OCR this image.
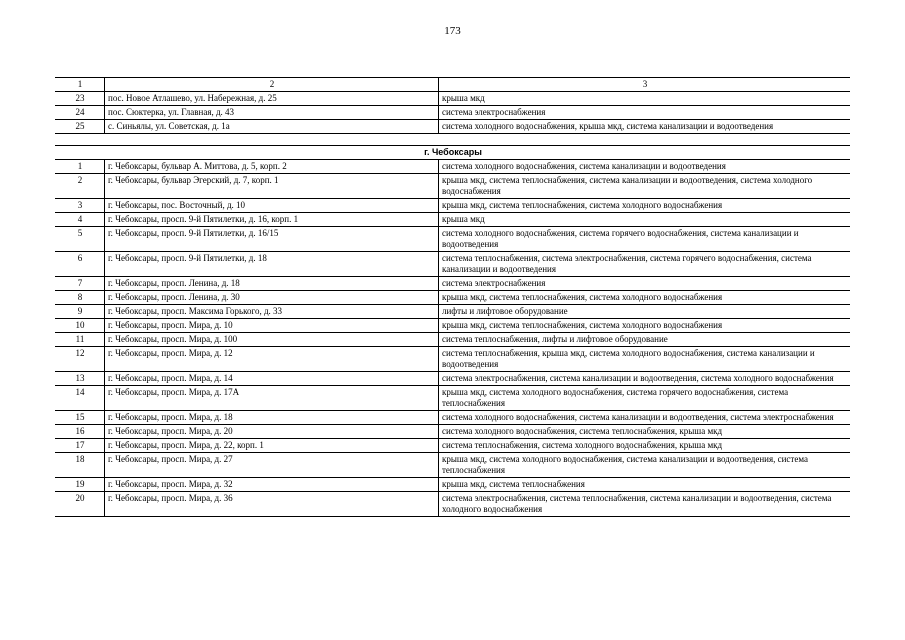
173
1	2	3
23	пос. Новое Атлашево, ул. Набережная, д. 25	крыша мкд
24	пос. Сюктерка, ул. Главная, д. 43	система электроснабжения
25	с. Синьялы, ул. Советская, д. 1а	система холодного водоснабжения, крыша мкд, система канализации и водоотведения

г. Чебоксары		
1	г. Чебоксары, бульвар А. Миттова, д. 5, корп. 2	система холодного водоснабжения, система канализации и водоотведения
2	г. Чебоксары, бульвар Эгерский, д. 7, корп. 1	крыша мкд, система теплоснабжения, система канализации и водоотведения, система холодного водоснабжения
3	г. Чебоксары, пос. Восточный, д. 10	крыша мкд, система теплоснабжения, система холодного водоснабжения
4	г. Чебоксары, просп. 9-й Пятилетки, д. 16, корп. 1	крыша мкд
5	г. Чебоксары, просп. 9-й Пятилетки, д. 16/15	система холодного водоснабжения, система горячего водоснабжения, система канализации и водоотведения
6	г. Чебоксары, просп. 9-й Пятилетки, д. 18	система теплоснабжения, система электроснабжения, система горячего водоснабжения, система канализации и водоотведения
7	г. Чебоксары, просп. Ленина, д. 18	система электроснабжения
8	г. Чебоксары, просп. Ленина, д. 30	крыша мкд, система теплоснабжения, система холодного водоснабжения
9	г. Чебоксары, просп. Максима Горького, д. 33	лифты и лифтовое оборудование
10	г. Чебоксары, просп. Мира, д. 10	крыша мкд, система теплоснабжения, система холодного водоснабжения
11	г. Чебоксары, просп. Мира, д. 100	система теплоснабжения, лифты и лифтовое оборудование
12	г. Чебоксары, просп. Мира, д. 12	система теплоснабжения, крыша мкд, система холодного водоснабжения, система канализации и водоотведения
13	г. Чебоксары, просп. Мира, д. 14	система электроснабжения, система канализации и водоотведения, система холодного водоснабжения
14	г. Чебоксары, просп. Мира, д. 17А	крыша мкд, система холодного водоснабжения, система горячего водоснабжения, система теплоснабжения
15	г. Чебоксары, просп. Мира, д. 18	система холодного водоснабжения, система канализации и водоотведения, система электроснабжения
16	г. Чебоксары, просп. Мира, д. 20	система холодного водоснабжения, система теплоснабжения, крыша мкд
17	г. Чебоксары, просп. Мира, д. 22, корп. 1	система теплоснабжения, система холодного водоснабжения, крыша мкд
18	г. Чебоксары, просп. Мира, д. 27	крыша мкд, система холодного водоснабжения, система канализации и водоотведения, система теплоснабжения
19	г. Чебоксары, просп. Мира, д. 32	крыша мкд, система теплоснабжения
20	г. Чебоксары, просп. Мира, д. 36	система электроснабжения, система теплоснабжения, система канализации и водоотведения, система холодного водоснабжения
